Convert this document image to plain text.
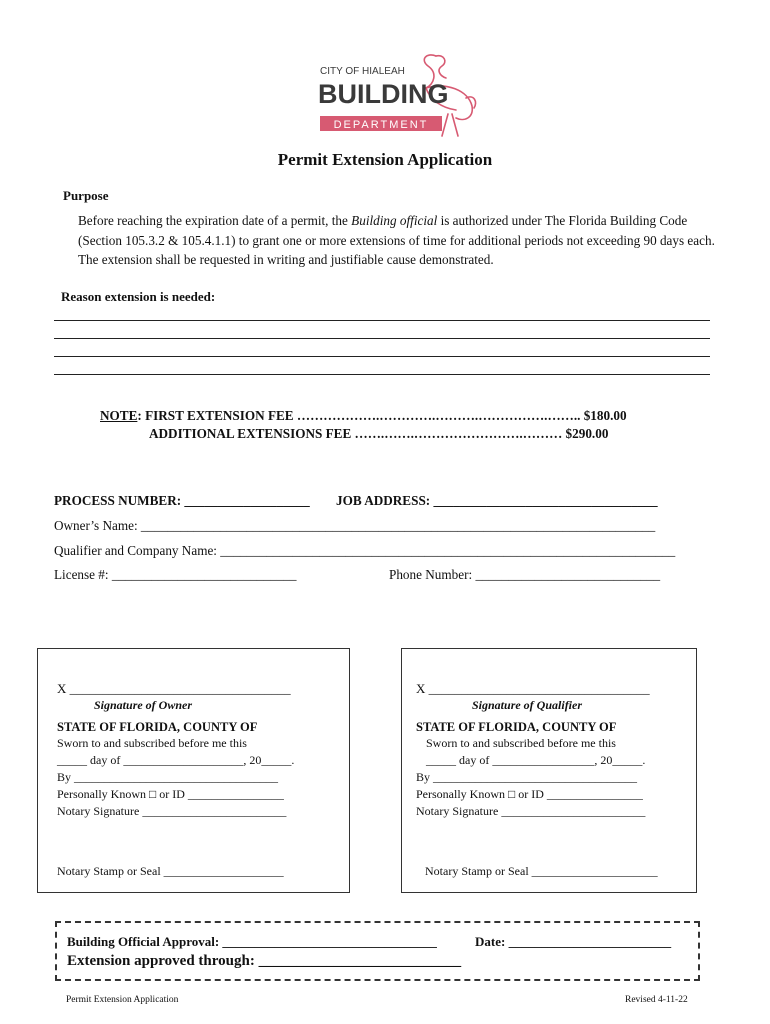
CITY OF HIALEAH
BUILDING
DEPARTMENT
Permit Extension Application
Purpose
Before reaching the expiration date of a permit, the Building official is authorized under The Florida Building Code (Section 105.3.2 & 105.4.1.1) to grant one or more extensions of time for additional periods not exceeding 90 days each. The extension shall be requested in writing and justifiable cause demonstrated.
Reason extension is needed:
NOTE: FIRST EXTENSION FEE ……………….………….……….…………….…….. $180.00
ADDITIONAL EXTENSIONS FEE …….…….…………………….……… $290.00
PROCESS NUMBER: ___________________ JOB ADDRESS: __________________________________
Owner’s Name: ______________________________________________________________________________
Qualifier and Company Name: _____________________________________________________________________
License #: ____________________________	Phone Number: ____________________________
X __________________________________
Signature of Owner
STATE OF FLORIDA, COUNTY OF
Sworn to and subscribed before me this
_____ day of ____________________, 20_____.
By __________________________________
Personally Known □ or ID ________________
Notary Signature ________________________
Notary Stamp or Seal ____________________
X __________________________________
Signature of Qualifier
STATE OF FLORIDA, COUNTY OF
Sworn to and subscribed before me this
_____ day of _________________, 20_____.
By __________________________________
Personally Known □ or ID ________________
Notary Signature ________________________
Notary Stamp or Seal _____________________
Building Official Approval: _________________________________	Date: _________________________
Extension approved through: ___________________________
Permit Extension Application	Revised 4-11-22
